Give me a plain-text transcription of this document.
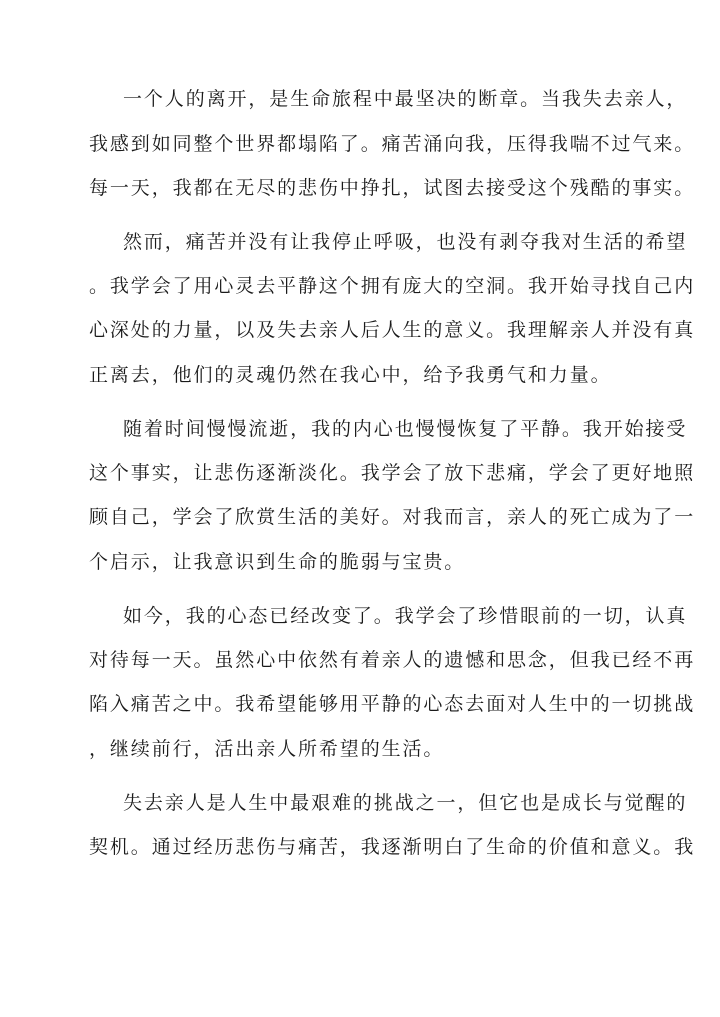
一个人的离开，是生命旅程中最坚决的断章。当我失去亲人，
我感到如同整个世界都塌陷了。痛苦涌向我，压得我喘不过气来。
每一天，我都在无尽的悲伤中挣扎，试图去接受这个残酷的事实。
然而，痛苦并没有让我停止呼吸，也没有剥夺我对生活的希望
。我学会了用心灵去平静这个拥有庞大的空洞。我开始寻找自己内
心深处的力量，以及失去亲人后人生的意义。我理解亲人并没有真
正离去，他们的灵魂仍然在我心中，给予我勇气和力量。
随着时间慢慢流逝，我的内心也慢慢恢复了平静。我开始接受
这个事实，让悲伤逐渐淡化。我学会了放下悲痛，学会了更好地照
顾自己，学会了欣赏生活的美好。对我而言，亲人的死亡成为了一
个启示，让我意识到生命的脆弱与宝贵。
如今，我的心态已经改变了。我学会了珍惜眼前的一切，认真
对待每一天。虽然心中依然有着亲人的遗憾和思念，但我已经不再
陷入痛苦之中。我希望能够用平静的心态去面对人生中的一切挑战
，继续前行，活出亲人所希望的生活。
失去亲人是人生中最艰难的挑战之一，但它也是成长与觉醒的
契机。通过经历悲伤与痛苦，我逐渐明白了生命的价值和意义。我
